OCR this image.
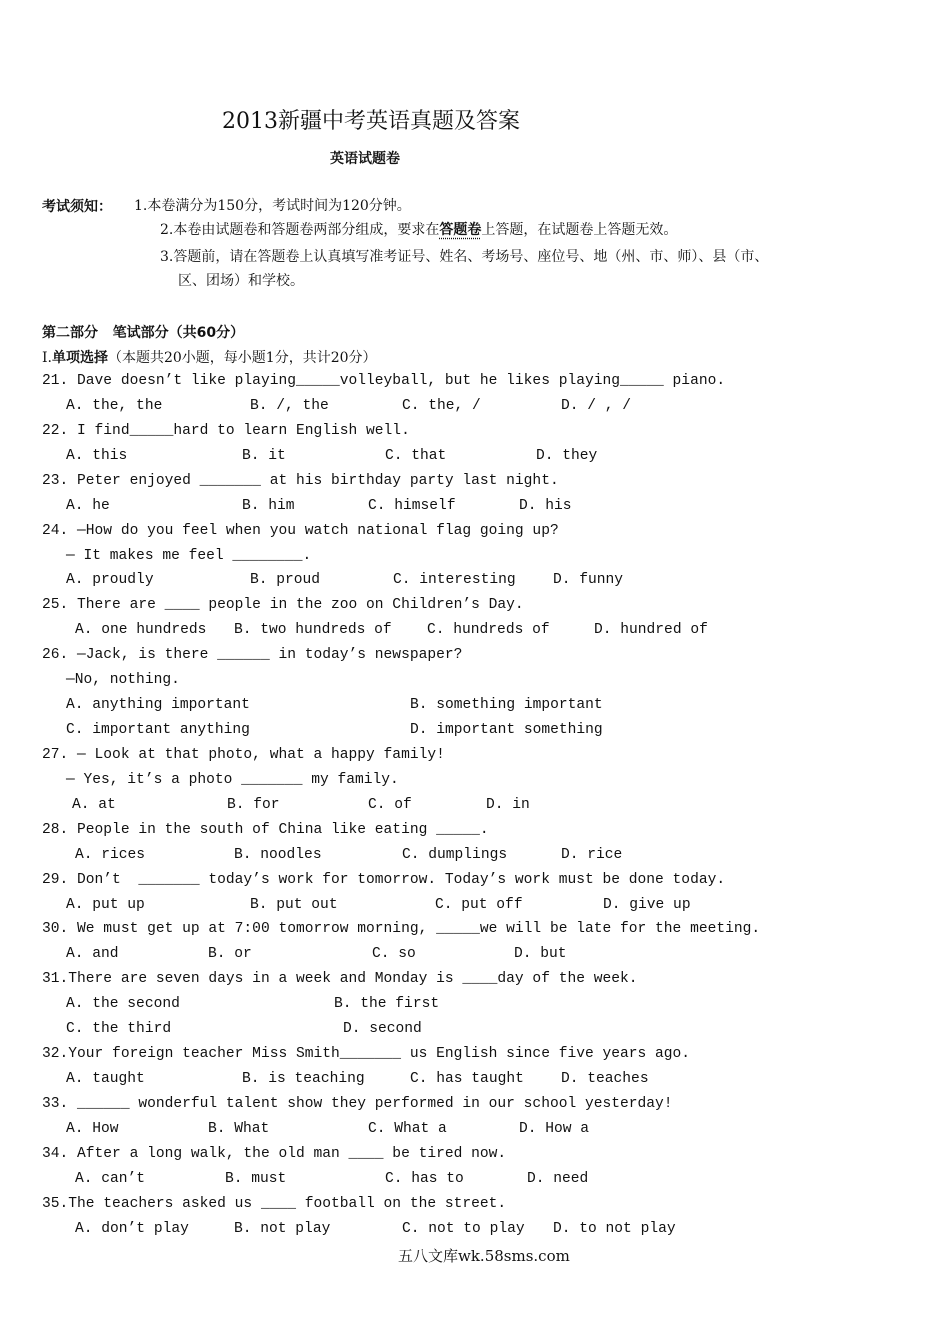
2013新疆中考英语真题及答案
英语试题卷
考试须知： 1.本卷满分为150分，考试时间为120分钟。
2.本卷由试题卷和答题卷两部分组成，要求在答题卷上答题，在试题卷上答题无效。
3.答题前，请在答题卷上认真填写准考证号、姓名、考场号、座位号、地（州、市、师）、县（市、
区、团场）和学校。
第二部分   笔试部分（共60分）
I.单项选择（本题共20小题，每小题1分，共计20分）
21. Dave doesn’t like playing_____volleyball, but he likes playing_____ piano.
A. the, the	B. /, the	C. the, /	D. / , /
22. I find_____hard to learn English well.
A. this	B. it	C. that	D. they
23. Peter enjoyed _______ at his birthday party last night.
A. he	B. him	C. himself	D. his
24. —How do you feel when you watch national flag going up?
— It makes me feel ________.
A. proudly	B. proud	C. interesting	D. funny
25. There are ____ people in the zoo on Children’s Day.
A. one hundreds B. two hundreds of C. hundreds of	D. hundred of
26. —Jack, is there ______ in today’s newspaper?
—No, nothing.
A. anything important	B. something important
C. important anything	D. important something
27. — Look at that photo, what a happy family!
— Yes, it’s a photo _______ my family.
A. at	B. for	C. of	D. in
28. People in the south of China like eating _____.
A. rices	B. noodles	C. dumplings	D. rice
29. Don’t  _______ today’s work for tomorrow. Today’s work must be done today.
A. put up	B. put out	C. put off	D. give up
30. We must get up at 7:00 tomorrow morning, _____we will be late for the meeting.
A. and	B. or	C. so	D. but
31.There are seven days in a week and Monday is ____day of the week.
A. the second	B. the first
C. the third	D. second
32.Your foreign teacher Miss Smith_______ us English since five years ago.
A. taught	B. is teaching	C. has taught	D. teaches
33. ______ wonderful talent show they performed in our school yesterday!
A. How	B. What	C. What a	D. How a
34. After a long walk, the old man ____ be tired now.
A. can’t	B. must	C. has to	D. need
35.The teachers asked us ____ football on the street.
A. don’t play	B. not play	C. not to play D. to not play
五八文库wk.58sms.com
